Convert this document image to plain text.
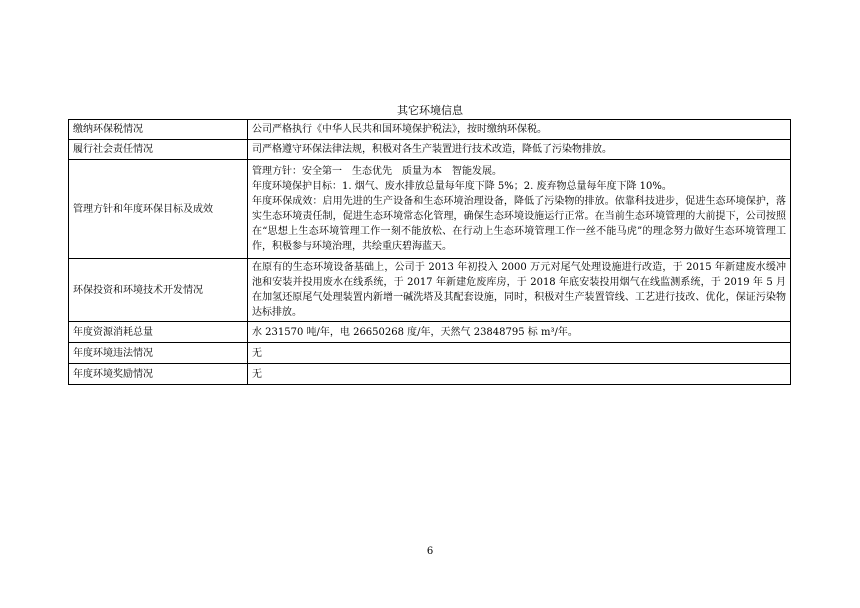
其它环境信息
缴纳环保税情况	公司严格执行《中华人民共和国环境保护税法》，按时缴纳环保税。

履行社会责任情况	司严格遵守环保法律法规，积极对各生产装置进行技术改造，降低了污染物排放。

管理方针和年度环保目标及成效	管理方针：安全第一　生态优先　质量为本　智能发展。
年度环境保护目标：1. 烟气、废水排放总量每年度下降 5%；2. 废弃物总量每年度下降 10%。
年度环保成效：启用先进的生产设备和生态环境治理设备，降低了污染物的排放。依靠科技进步，促进生态环境保护，落实生态环境责任制，促进生态环境常态化管理，确保生态环境设施运行正常。在当前生态环境管理的大前提下，公司按照在“思想上生态环境管理工作一刻不能放松、在行动上生态环境管理工作一丝不能马虎”的理念努力做好生态环境管理工作，积极参与环境治理，共绘重庆碧海蓝天。

环保投资和环境技术开发情况	在原有的生态环境设备基础上，公司于 2013 年初投入 2000 万元对尾气处理设施进行改造，于 2015 年新建废水缓冲池和安装并投用废水在线系统，于 2017 年新建危废库房，于 2018 年底安装投用烟气在线监测系统，于 2019 年 5 月在加氢还原尾气处理装置内新增一碱洗塔及其配套设施，同时，积极对生产装置管线、工艺进行技改、优化，保证污染物达标排放。

年度资源消耗总量	水 231570 吨/年，电 26650268 度/年，天然气 23848795 标 m³/年。

年度环境违法情况	无

年度环境奖励情况	无
6
